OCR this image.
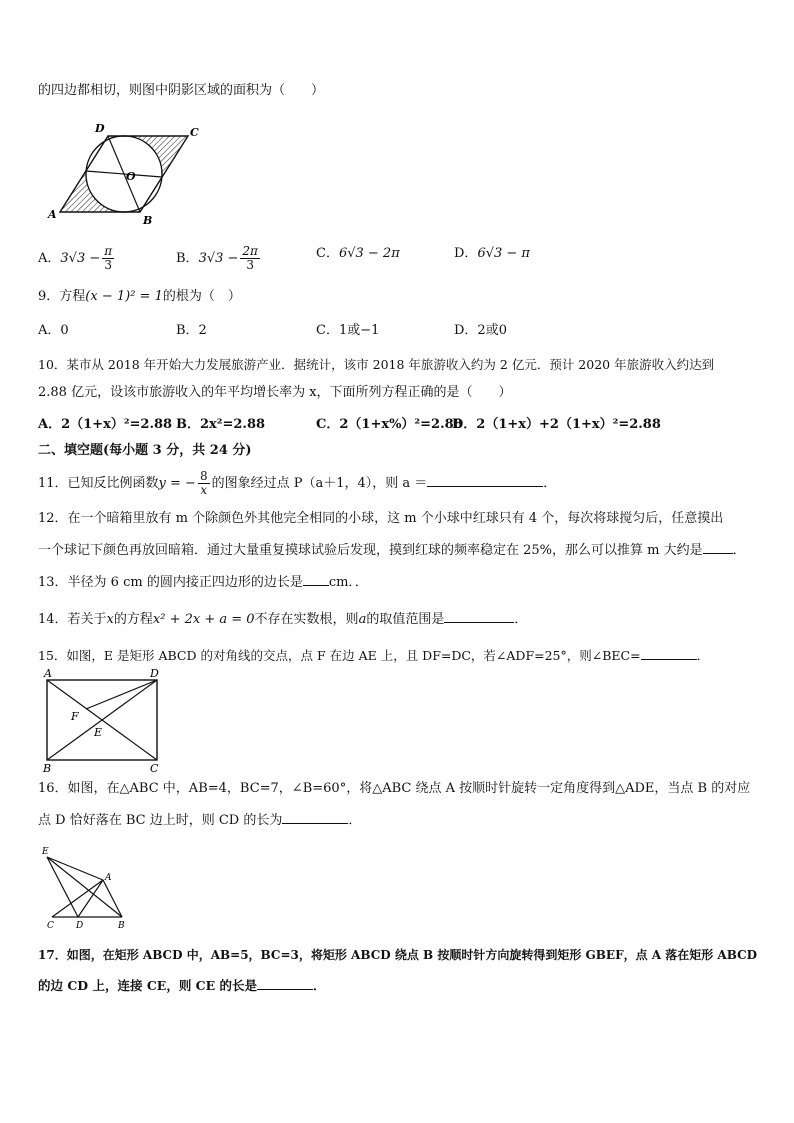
的四边都相切，则图中阴影区域的面积为（　　）
D	C
O
A	B
A．$3√3 - \frac{\pi}{3}$	B．$3√3 - \frac{2\pi}{3}$	C．6√3 − 2π	D．6√3 − π
9．方程(x − 1)² = 1的根为（　）
A．0	B．2	C．1或−1	D．2或0
10．某市从 2018 年开始大力发展旅游产业．据统计，该市 2018 年旅游收入约为 2 亿元．预计 2020 年旅游收入约达到
2.88 亿元，设该市旅游收入的年平均增长率为 x，下面所列方程正确的是（　　）
A．2（1+x）²=2.88 B．2x²=2.88	C．2（1+x%）²=2.88
D．2（1+x）+2（1+x）²=2.88
二、填空题(每小题 3 分，共 24 分)
11．已知反比例函数y = − $\frac{8}{x}$ 的图象经过点 P（a＋1，4），则 a ＝	．
12．在一个暗箱里放有 m 个除颜色外其他完全相同的小球，这 m 个小球中红球只有 4 个，每次将球搅匀后，任意摸出
一个球记下颜色再放回暗箱．通过大量重复摸球试验后发现，摸到红球的频率稳定在 25%，那么可以推算 m 大约是 ．
13．半径为 6 cm 的圆内接正四边形的边长是 cm．．
14．若关于x的方程x² + 2x + a = 0不存在实数根，则a的取值范围是	．
15．如图，E 是矩形 ABCD 的对角线的交点，点 F 在边 AE 上，且 DF=DC，若∠ADF=25°，则∠BEC=	．
A	D
F
E
B	C
16．如图，在△ABC 中，AB=4，BC=7，∠B=60°，将△ABC 绕点 A 按顺时针旋转一定角度得到△ADE，当点 B 的对应
点 D 恰好落在 BC 边上时，则 CD 的长为	．
E
A
C D	B
17．如图，在矩形 ABCD 中，AB=5，BC=3，将矩形 ABCD 绕点 B 按顺时针方向旋转得到矩形 GBEF，点 A 落在矩形 ABCD
的边 CD 上，连接 CE，则 CE 的长是	．
